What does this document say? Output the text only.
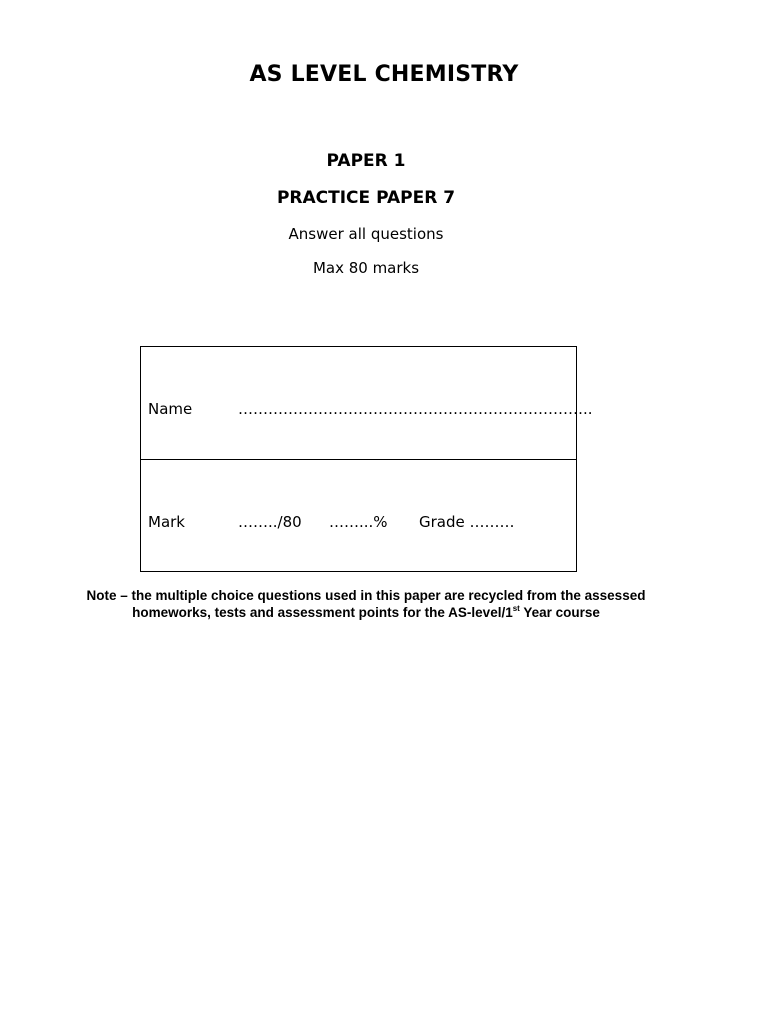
AS LEVEL CHEMISTRY
PAPER 1
PRACTICE PAPER 7
Answer all questions
Max 80 marks
Name	……………………………………………………………..
Mark	……../80 ……...% Grade ………
Note – the multiple choice questions used in this paper are recycled from the assessed
homeworks, tests and assessment points for the AS-level/1st Year course
